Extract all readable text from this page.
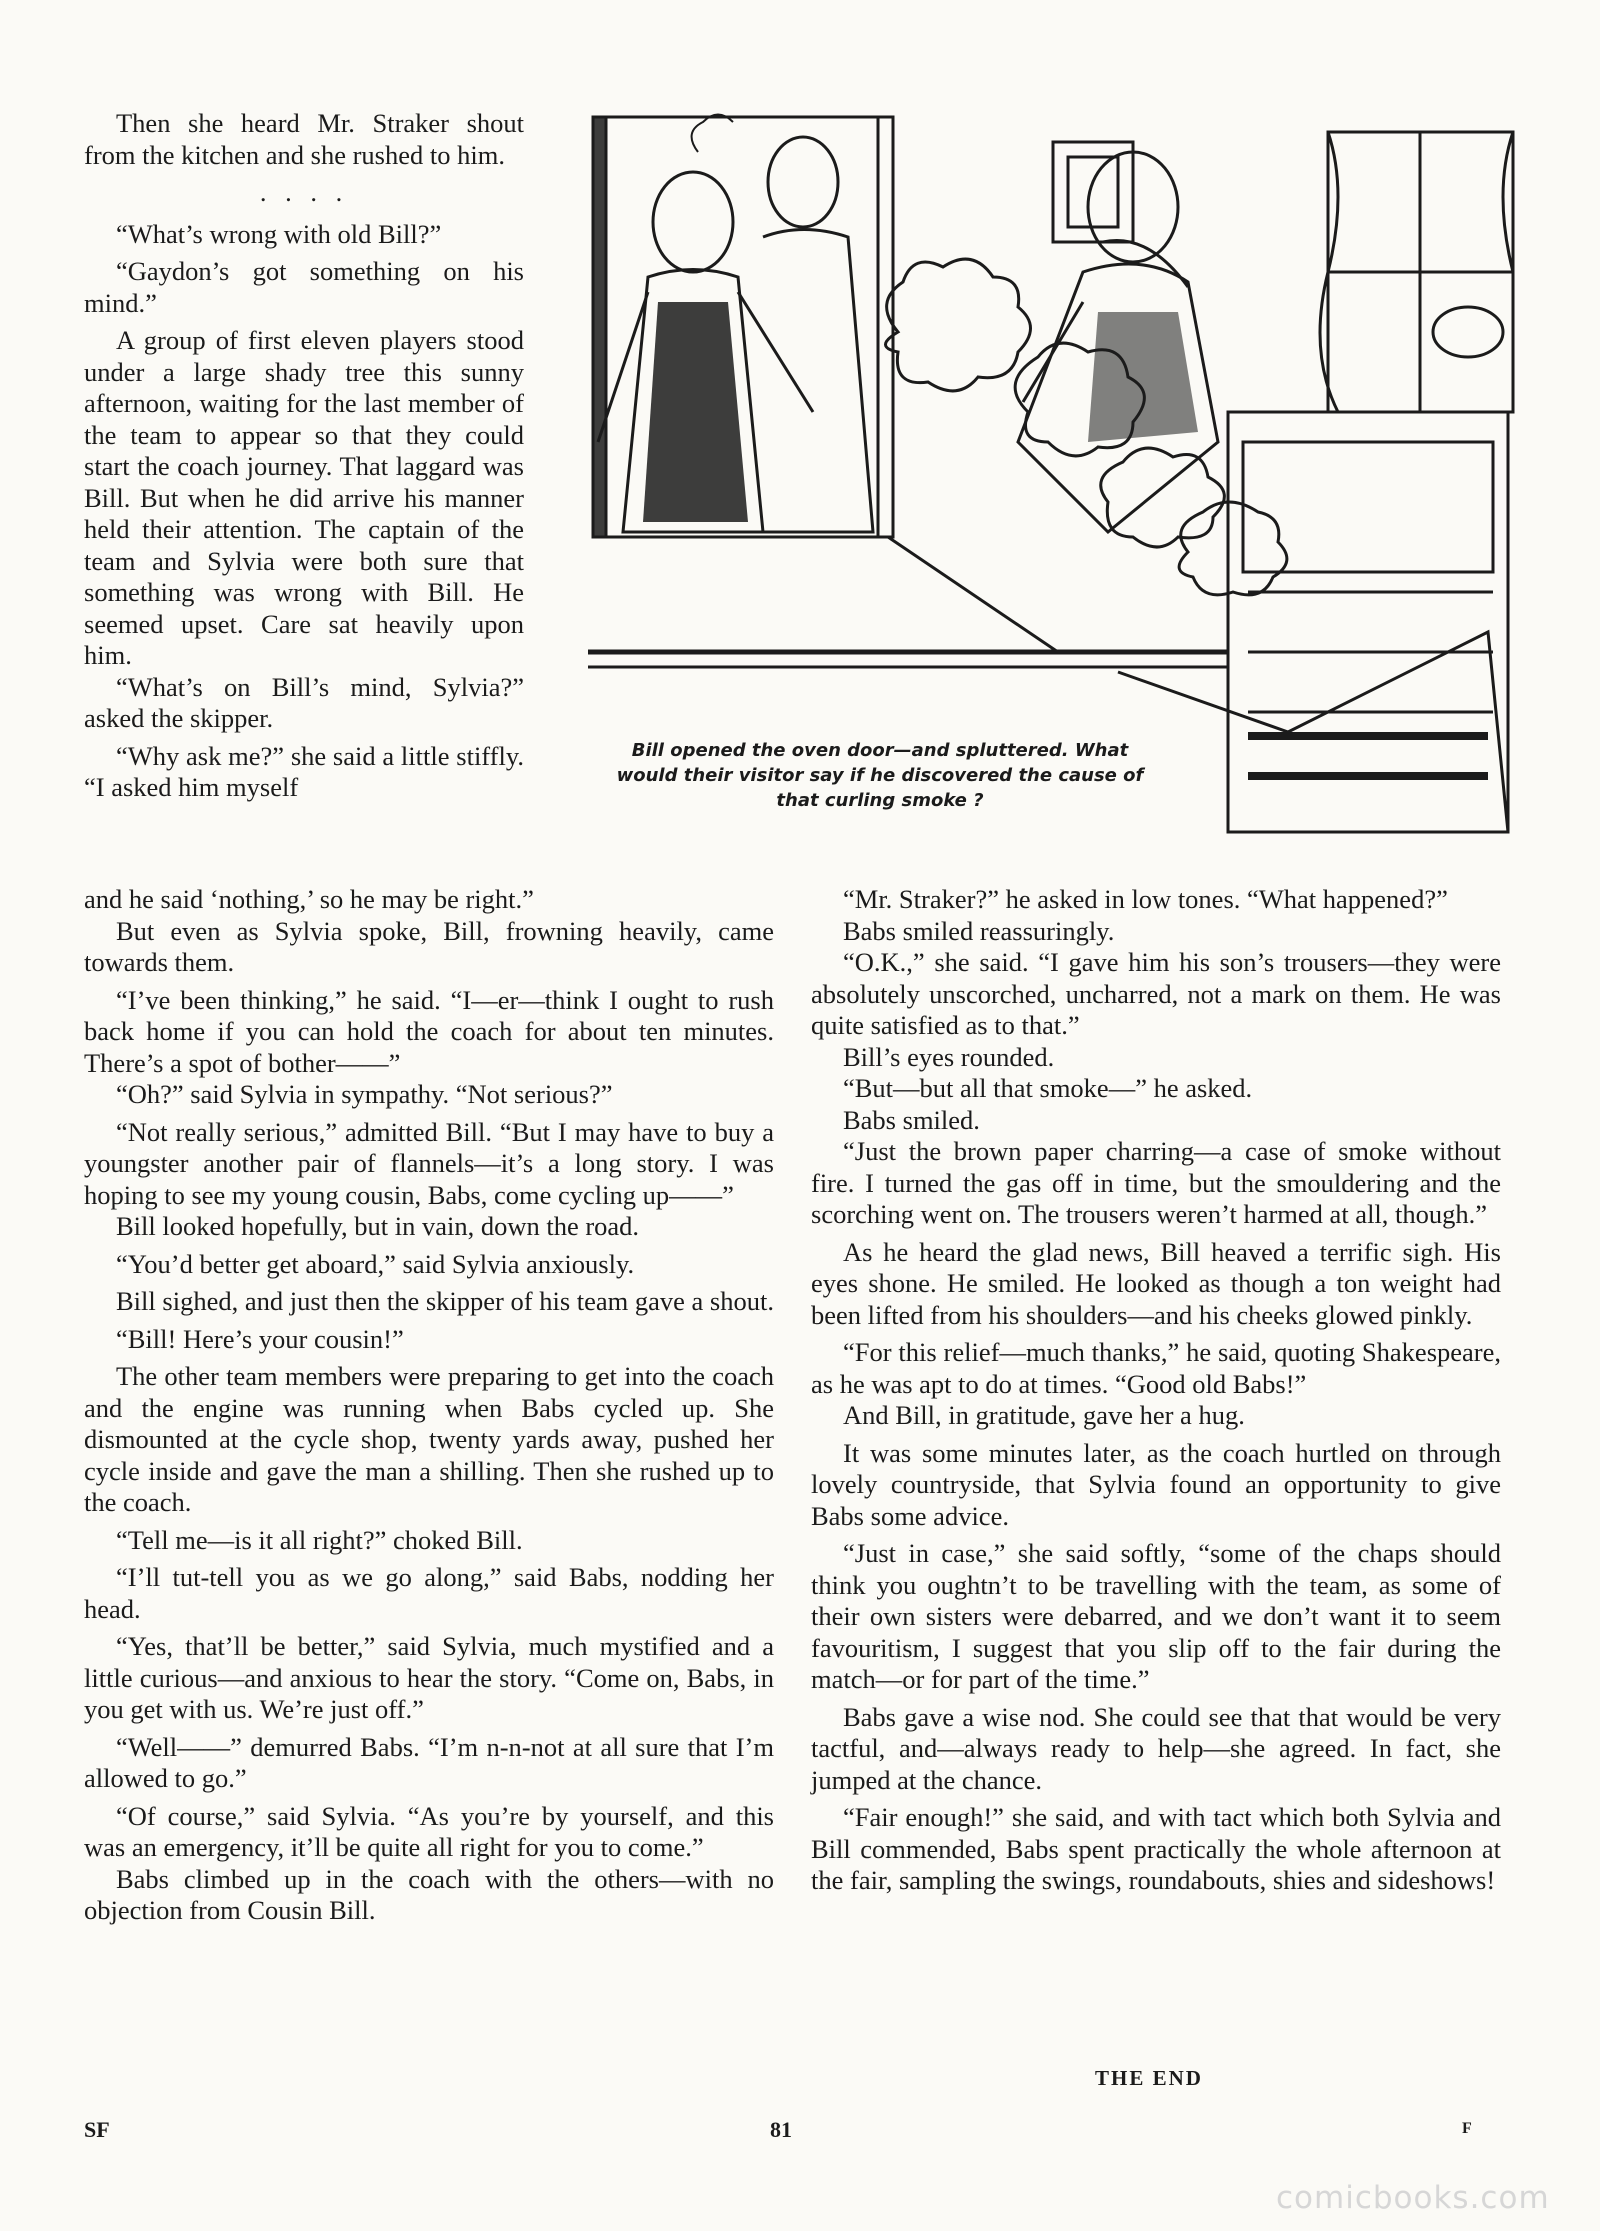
Then she heard Mr. Straker shout from the kitchen and she rushed to him.

. . . .

“What’s wrong with old Bill?”

“Gaydon’s got something on his mind.”

A group of first eleven players stood under a large shady tree this sunny afternoon, waiting for the last member of the team to appear so that they could start the coach journey. That laggard was Bill. But when he did arrive his manner held their attention. The captain of the team and Sylvia were both sure that something was wrong with Bill. He seemed upset. Care sat heavily upon him.

“What’s on Bill’s mind, Sylvia?” asked the skipper.

“Why ask me?” she said a little stiffly. “I asked him myself

Bill opened the oven door—and spluttered. What would their visitor say if he discovered the cause of that curling smoke ?

and he said ‘nothing,’ so he may be right.”

But even as Sylvia spoke, Bill, frowning heavily, came towards them.

“I’ve been thinking,” he said. “I—er—think I ought to rush back home if you can hold the coach for about ten minutes. There’s a spot of bother——”

“Oh?” said Sylvia in sympathy. “Not serious?”

“Not really serious,” admitted Bill. “But I may have to buy a youngster another pair of flannels—it’s a long story. I was hoping to see my young cousin, Babs, come cycling up——”

Bill looked hopefully, but in vain, down the road.

“You’d better get aboard,” said Sylvia anxiously.

Bill sighed, and just then the skipper of his team gave a shout.

“Bill! Here’s your cousin!”

The other team members were preparing to get into the coach and the engine was running when Babs cycled up. She dismounted at the cycle shop, twenty yards away, pushed her cycle inside and gave the man a shilling. Then she rushed up to the coach.

“Tell me—is it all right?” choked Bill.

“I’ll tut-tell you as we go along,” said Babs, nodding her head.

“Yes, that’ll be better,” said Sylvia, much mystified and a little curious—and anxious to hear the story. “Come on, Babs, in you get with us. We’re just off.”

“Well——” demurred Babs. “I’m n-n-not at all sure that I’m allowed to go.”

“Of course,” said Sylvia. “As you’re by yourself, and this was an emergency, it’ll be quite all right for you to come.”

Babs climbed up in the coach with the others—with no objection from Cousin Bill.

“Mr. Straker?” he asked in low tones. “What happened?”

Babs smiled reassuringly.

“O.K.,” she said. “I gave him his son’s trousers—they were absolutely unscorched, uncharred, not a mark on them. He was quite satisfied as to that.”

Bill’s eyes rounded.

“But—but all that smoke—” he asked.

Babs smiled.

“Just the brown paper charring—a case of smoke without fire. I turned the gas off in time, but the smouldering and the scorching went on. The trousers weren’t harmed at all, though.”

As he heard the glad news, Bill heaved a terrific sigh. His eyes shone. He smiled. He looked as though a ton weight had been lifted from his shoulders—and his cheeks glowed pinkly.

“For this relief—much thanks,” he said, quoting Shakespeare, as he was apt to do at times. “Good old Babs!”

And Bill, in gratitude, gave her a hug.

It was some minutes later, as the coach hurtled on through lovely countryside, that Sylvia found an opportunity to give Babs some advice.

“Just in case,” she said softly, “some of the chaps should think you oughtn’t to be travelling with the team, as some of their own sisters were debarred, and we don’t want it to seem favouritism, I suggest that you slip off to the fair during the match—or for part of the time.”

Babs gave a wise nod. She could see that that would be very tactful, and—always ready to help—she agreed. In fact, she jumped at the chance.

“Fair enough!” she said, and with tact which both Sylvia and Bill commended, Babs spent practically the whole afternoon at the fair, sampling the swings, roundabouts, shies and sideshows!

THE END
SF	81	F
comicbooks.com
